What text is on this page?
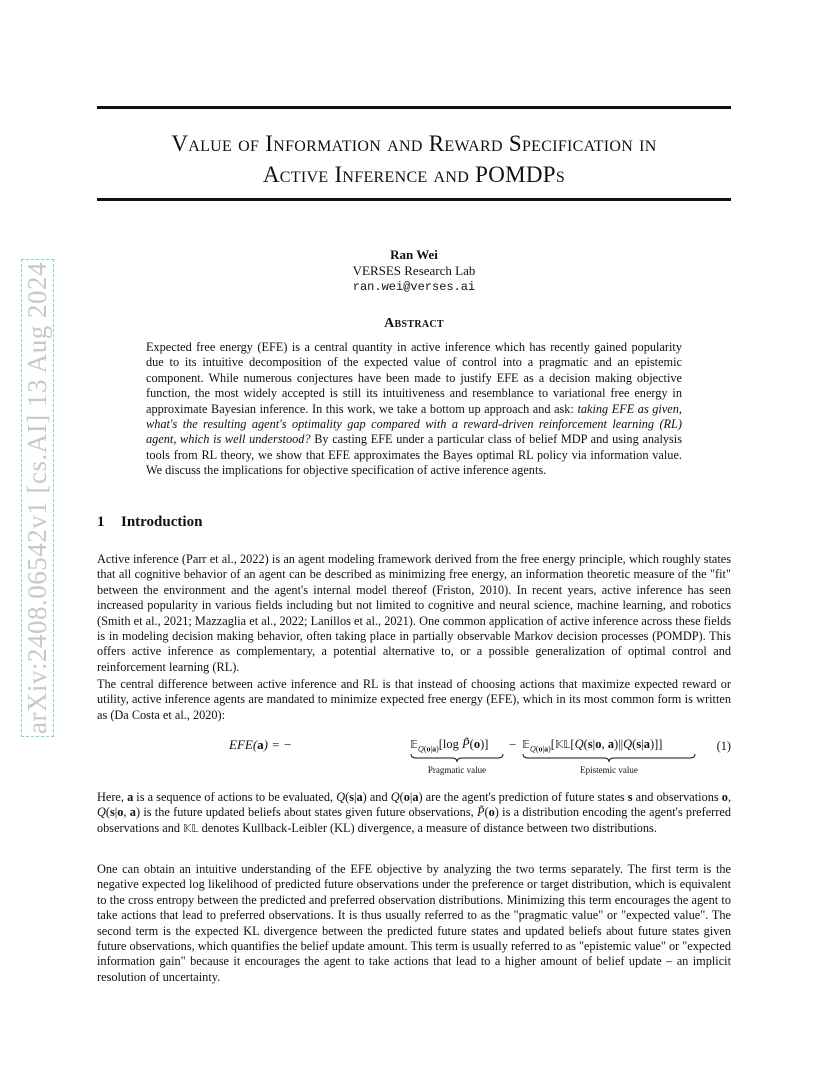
arXiv:2408.06542v1 [cs.AI] 13 Aug 2024
Value of Information and Reward Specification in
Active Inference and POMDPs
Ran Wei
VERSES Research Lab
ran.wei@verses.ai
Abstract
Expected free energy (EFE) is a central quantity in active inference which has recently gained popularity due to its intuitive decomposition of the expected value of control into a pragmatic and an epistemic component. While numerous conjectures have been made to justify EFE as a decision making objective function, the most widely accepted is still its intuitiveness and resemblance to variational free energy in approximate Bayesian inference. In this work, we take a bottom up approach and ask: taking EFE as given, what's the resulting agent's optimality gap compared with a reward-driven reinforcement learning (RL) agent, which is well understood? By casting EFE under a particular class of belief MDP and using analysis tools from RL theory, we show that EFE approximates the Bayes optimal RL policy via information value. We discuss the implications for objective specification of active inference agents.
1 Introduction

Active inference (Parr et al., 2022) is an agent modeling framework derived from the free energy principle, which roughly states that all cognitive behavior of an agent can be described as minimizing free energy, an information theoretic measure of the "fit" between the environment and the agent's internal model thereof (Friston, 2010). In recent years, active inference has seen increased popularity in various fields including but not limited to cognitive and neural science, machine learning, and robotics (Smith et al., 2021; Mazzaglia et al., 2022; Lanillos et al., 2021). One common application of active inference across these fields is in modeling decision making behavior, often taking place in partially observable Markov decision processes (POMDP). This offers active inference as complementary, a potential alternative to, or a possible generalization of optimal control and reinforcement learning (RL).

The central difference between active inference and RL is that instead of choosing actions that maximize expected reward or utility, active inference agents are mandated to minimize expected free energy (EFE), which in its most common form is written as (Da Costa et al., 2020):

EFE(a) = −	𝔼$_{Q(o|a)}$[log P̃(o)] − 𝔼$_{Q(o|a)}$[𝕂𝕃[Q(s|o, a)||Q(s|a)]]
Pragmatic value	Epistemic value
(1)

Here, a is a sequence of actions to be evaluated, Q(s|a) and Q(o|a) are the agent's prediction of future states s and observations o, Q(s|o, a) is the future updated beliefs about states given future observations, P̃(o) is a distribution encoding the agent's preferred observations and 𝕂𝕃 denotes Kullback-Leibler (KL) divergence, a measure of distance between two distributions.

One can obtain an intuitive understanding of the EFE objective by analyzing the two terms separately. The first term is the negative expected log likelihood of predicted future observations under the preference or target distribution, which is equivalent to the cross entropy between the predicted and preferred observation distributions. Minimizing this term encourages the agent to take actions that lead to preferred observations. It is thus usually referred to as the "pragmatic value" or "expected value". The second term is the expected KL divergence between the predicted future states and updated beliefs about future states given future observations, which quantifies the belief update amount. This term is usually referred to as "epistemic value" or "expected information gain" because it encourages the agent to take actions that lead to a higher amount of belief update – an implicit resolution of uncertainty.
